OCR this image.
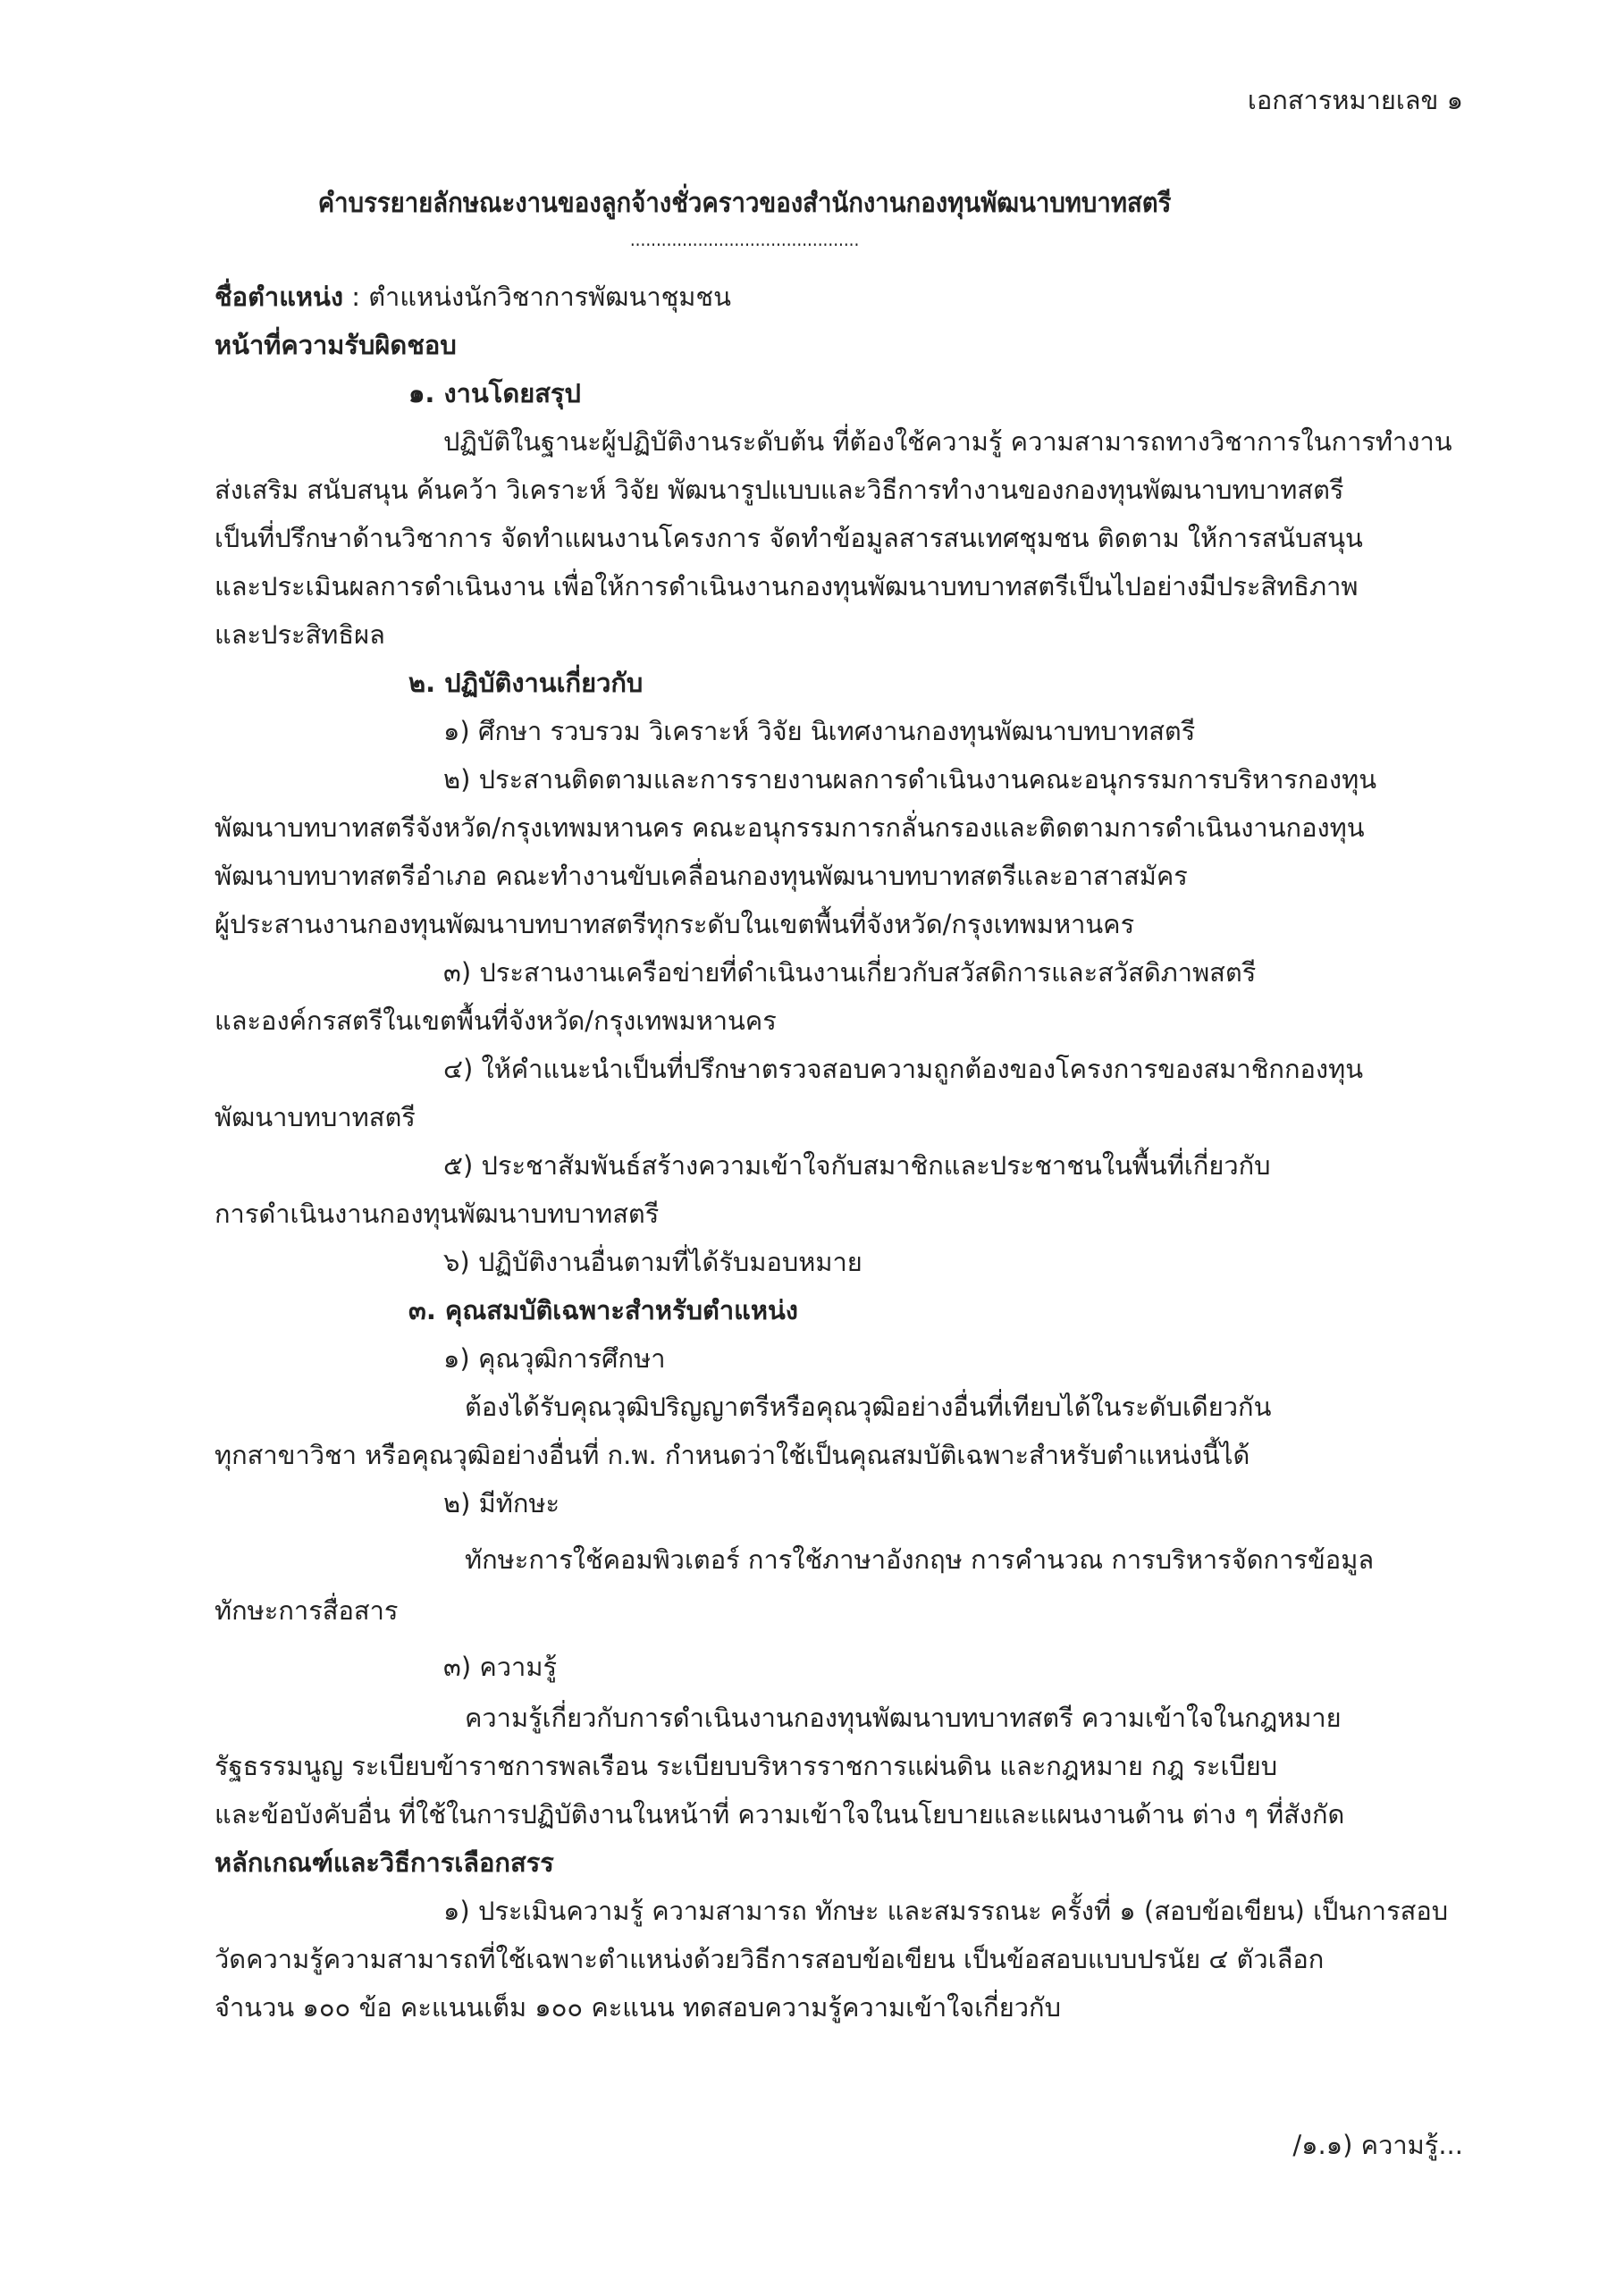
เอกสารหมายเลข ๑
คำบรรยายลักษณะงานของลูกจ้างชั่วคราวของสำนักงานกองทุนพัฒนาบทบาทสตรี
............................................
ชื่อตำแหน่ง : ตำแหน่งนักวิชาการพัฒนาชุมชน
หน้าที่ความรับผิดชอบ
๑. งานโดยสรุป
ปฏิบัติในฐานะผู้ปฏิบัติงานระดับต้น ที่ต้องใช้ความรู้ ความสามารถทางวิชาการในการทำงาน
ส่งเสริม สนับสนุน ค้นคว้า วิเคราะห์ วิจัย พัฒนารูปแบบและวิธีการทำงานของกองทุนพัฒนาบทบาทสตรี
เป็นที่ปรึกษาด้านวิชาการ จัดทำแผนงานโครงการ จัดทำข้อมูลสารสนเทศชุมชน ติดตาม ให้การสนับสนุน
และประเมินผลการดำเนินงาน เพื่อให้การดำเนินงานกองทุนพัฒนาบทบาทสตรีเป็นไปอย่างมีประสิทธิภาพ
และประสิทธิผล
๒. ปฏิบัติงานเกี่ยวกับ
๑) ศึกษา รวบรวม วิเคราะห์ วิจัย นิเทศงานกองทุนพัฒนาบทบาทสตรี
๒) ประสานติดตามและการรายงานผลการดำเนินงานคณะอนุกรรมการบริหารกองทุน
พัฒนาบทบาทสตรีจังหวัด/กรุงเทพมหานคร คณะอนุกรรมการกลั่นกรองและติดตามการดำเนินงานกองทุน
พัฒนาบทบาทสตรีอำเภอ คณะทำงานขับเคลื่อนกองทุนพัฒนาบทบาทสตรีและอาสาสมัคร
ผู้ประสานงานกองทุนพัฒนาบทบาทสตรีทุกระดับในเขตพื้นที่จังหวัด/กรุงเทพมหานคร
๓) ประสานงานเครือข่ายที่ดำเนินงานเกี่ยวกับสวัสดิการและสวัสดิภาพสตรี
และองค์กรสตรีในเขตพื้นที่จังหวัด/กรุงเทพมหานคร
๔) ให้คำแนะนำเป็นที่ปรึกษาตรวจสอบความถูกต้องของโครงการของสมาชิกกองทุน
พัฒนาบทบาทสตรี
๕) ประชาสัมพันธ์สร้างความเข้าใจกับสมาชิกและประชาชนในพื้นที่เกี่ยวกับ
การดำเนินงานกองทุนพัฒนาบทบาทสตรี
๖) ปฏิบัติงานอื่นตามที่ได้รับมอบหมาย
๓. คุณสมบัติเฉพาะสำหรับตำแหน่ง
๑) คุณวุฒิการศึกษา
ต้องได้รับคุณวุฒิปริญญาตรีหรือคุณวุฒิอย่างอื่นที่เทียบได้ในระดับเดียวกัน
ทุกสาขาวิชา หรือคุณวุฒิอย่างอื่นที่ ก.พ. กำหนดว่าใช้เป็นคุณสมบัติเฉพาะสำหรับตำแหน่งนี้ได้
๒) มีทักษะ
ทักษะการใช้คอมพิวเตอร์ การใช้ภาษาอังกฤษ การคำนวณ การบริหารจัดการข้อมูล
ทักษะการสื่อสาร
๓) ความรู้
ความรู้เกี่ยวกับการดำเนินงานกองทุนพัฒนาบทบาทสตรี ความเข้าใจในกฎหมาย
รัฐธรรมนูญ ระเบียบข้าราชการพลเรือน ระเบียบบริหารราชการแผ่นดิน และกฎหมาย กฎ ระเบียบ
และข้อบังคับอื่น ที่ใช้ในการปฏิบัติงานในหน้าที่ ความเข้าใจในนโยบายและแผนงานด้าน ต่าง ๆ ที่สังกัด
หลักเกณฑ์และวิธีการเลือกสรร
๑) ประเมินความรู้ ความสามารถ ทักษะ และสมรรถนะ ครั้งที่ ๑ (สอบข้อเขียน) เป็นการสอบ
วัดความรู้ความสามารถที่ใช้เฉพาะตำแหน่งด้วยวิธีการสอบข้อเขียน เป็นข้อสอบแบบปรนัย ๔ ตัวเลือก
จำนวน ๑๐๐ ข้อ คะแนนเต็ม ๑๐๐ คะแนน ทดสอบความรู้ความเข้าใจเกี่ยวกับ
/๑.๑) ความรู้...
